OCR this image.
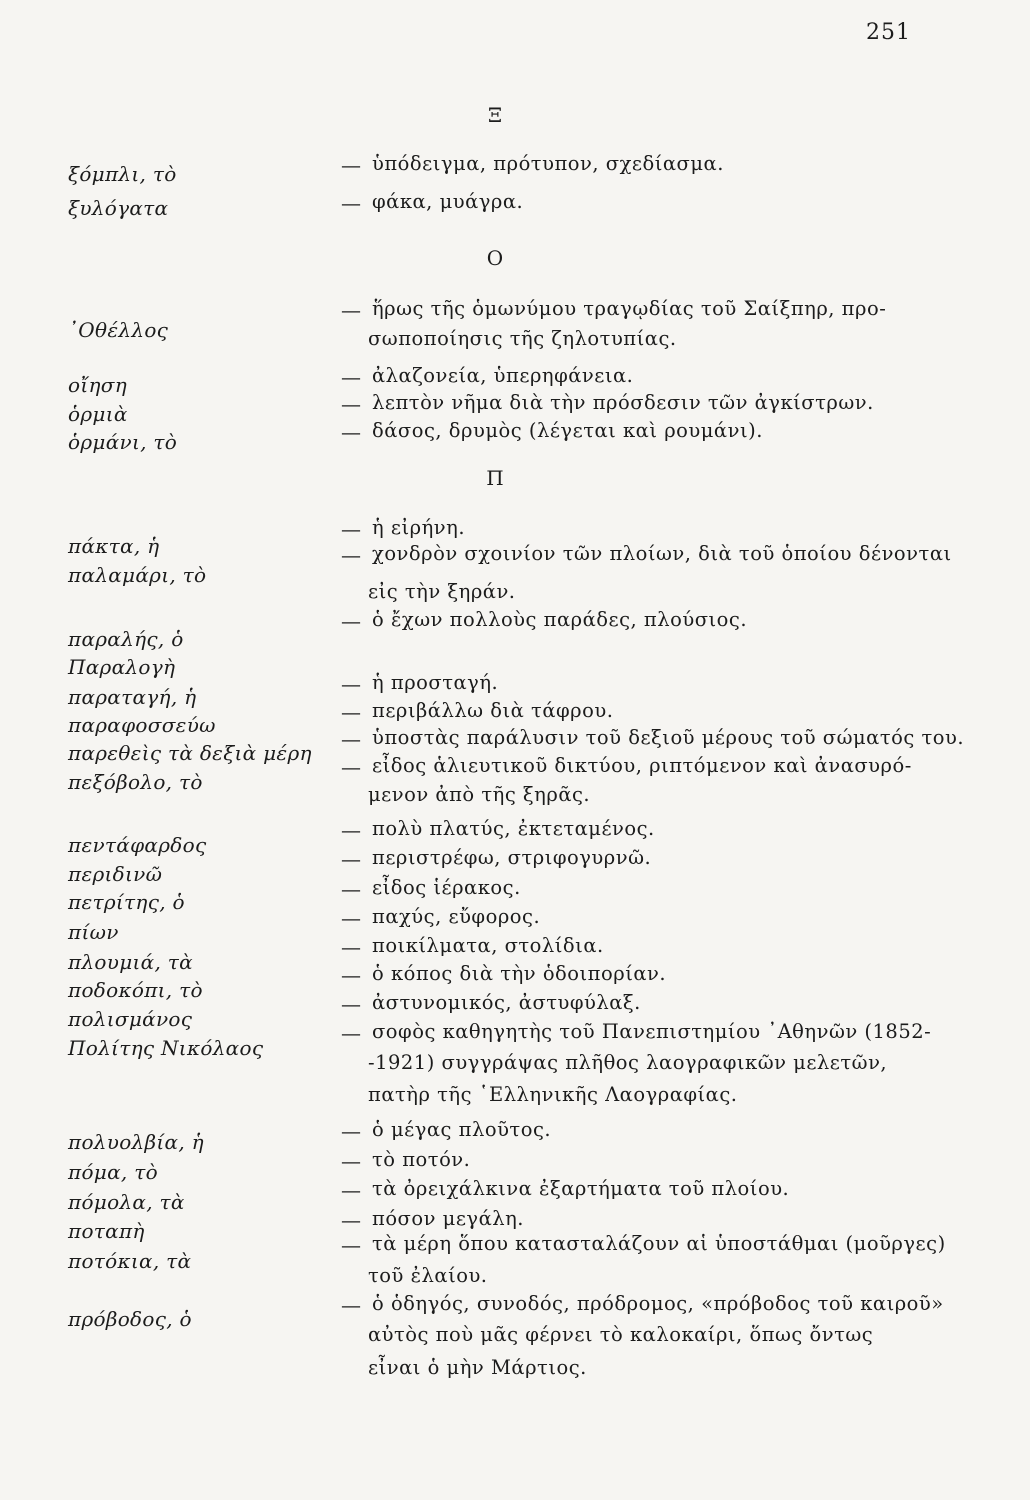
251
Ξ
Ο
Π
ξόμπλι, τὸ
ξυλόγατα
᾿Οθέλλος
οἴηση
ὁρμιὰ
ὁρμάνι, τὸ
πάκτα, ἡ
παλαμάρι, τὸ
παραλής, ὁ
Παραλογὴ
παραταγή, ἡ
παραφοσσεύω
παρεθεὶς τὰ δεξιὰ μέρη
πεξόβολο, τὸ
πεντάφαρδος
περιδινῶ
πετρίτης, ὁ
πίων
πλουμιά, τὰ
ποδοκόπι, τὸ
πολισμάνος
Πολίτης Νικόλαος
πολυολβία, ἡ
πόμα, τὸ
πόμολα, τὰ
ποταπὴ
ποτόκια, τὰ
πρόβοδος, ὁ
— ὑπόδειγμα, πρότυπον, σχεδίασμα.
— φάκα, μυάγρα.
— ἥρως τῆς ὁμωνύμου τραγῳδίας τοῦ Σαίξπηρ, προ-
σωποποίησις τῆς ζηλοτυπίας.
— ἀλαζονεία, ὑπερηφάνεια.
— λεπτὸν νῆμα διὰ τὴν πρόσδεσιν τῶν ἀγκίστρων.
— δάσος, δρυμὸς (λέγεται καὶ ρουμάνι).
— ἡ εἰρήνη.
— χονδρὸν σχοινίον τῶν πλοίων, διὰ τοῦ ὁποίου δένονται
εἰς τὴν ξηράν.
— ὁ ἔχων πολλοὺς παράδες, πλούσιος.
— ἡ προσταγή.
— περιβάλλω διὰ τάφρου.
— ὑποστὰς παράλυσιν τοῦ δεξιοῦ μέρους τοῦ σώματός του.
— εἶδος ἁλιευτικοῦ δικτύου, ριπτόμενον καὶ ἀνασυρό-
μενον ἀπὸ τῆς ξηρᾶς.
— πολὺ πλατύς, ἐκτεταμένος.
— περιστρέφω, στριφογυρνῶ.
— εἶδος ἱέρακος.
— παχύς, εὔφορος.
— ποικίλματα, στολίδια.
— ὁ κόπος διὰ τὴν ὁδοιπορίαν.
— ἀστυνομικός, ἀστυφύλαξ.
— σοφὸς καθηγητὴς τοῦ Πανεπιστημίου ᾿Αθηνῶν (1852-
-1921) συγγράψας πλῆθος λαογραφικῶν μελετῶν,
πατὴρ τῆς ῾Ελληνικῆς Λαογραφίας.
— ὁ μέγας πλοῦτος.
— τὸ ποτόν.
— τὰ ὀρειχάλκινα ἐξαρτήματα τοῦ πλοίου.
— πόσον μεγάλη.
— τὰ μέρη ὅπου κατασταλάζουν αἱ ὑποστάθμαι (μοῦργες)
τοῦ ἐλαίου.
— ὁ ὁδηγός, συνοδός, πρόδρομος, «πρόβοδος τοῦ καιροῦ»
αὐτὸς ποὺ μᾶς φέρνει τὸ καλοκαίρι, ὅπως ὄντως
εἶναι ὁ μὴν Μάρτιος.
